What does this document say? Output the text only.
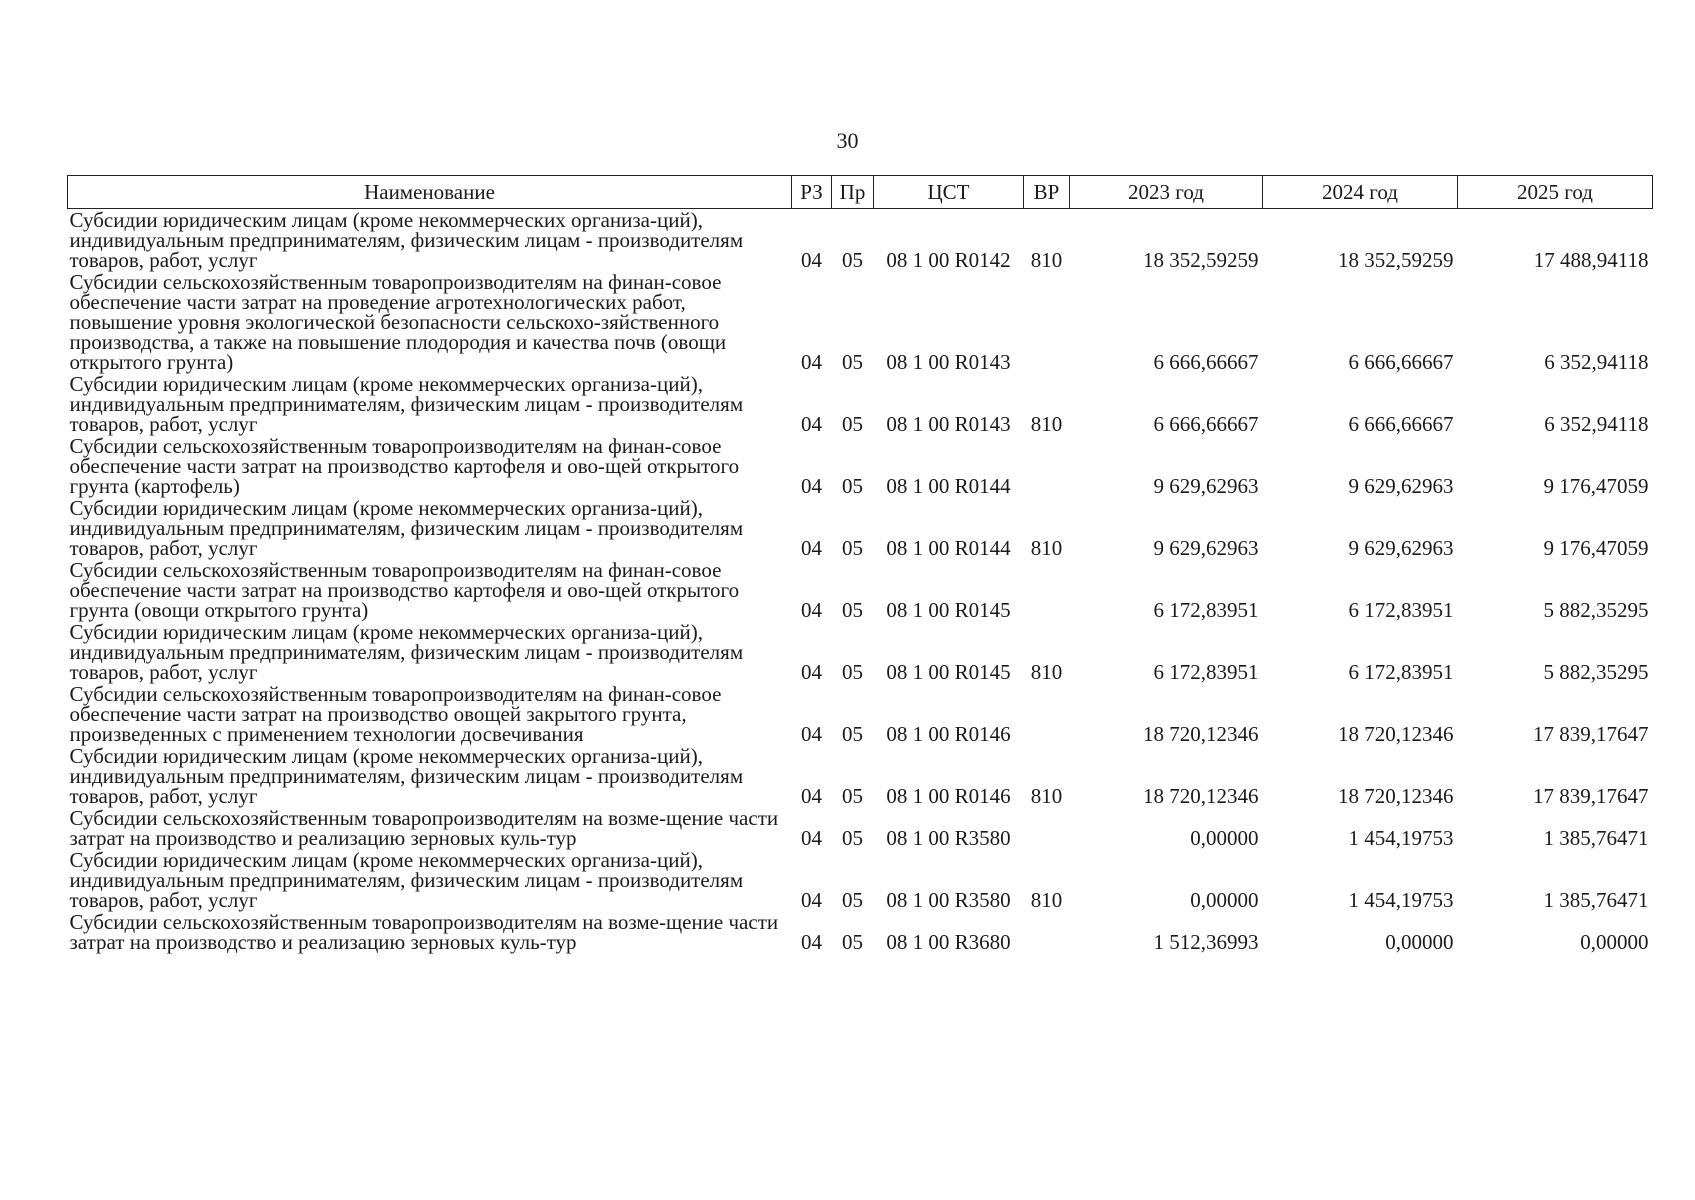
30
Наименование	РЗ	Пр	ЦСТ	ВР	2023 год	2024 год	2025 год
Субсидии юридическим лицам (кроме некоммерческих организа-ций), индивидуальным предпринимателям, физическим лицам - производителям товаров, работ, услуг	04	05	08 1 00 R0142	810	18 352,59259	18 352,59259	17 488,94118
Субсидии сельскохозяйственным товаропроизводителям на финан-совое обеспечение части затрат на проведение агротехнологических работ, повышение уровня экологической безопасности сельскохо-зяйственного производства, а также на повышение плодородия и качества почв (овощи открытого грунта)	04	05	08 1 00 R0143		6 666,66667	6 666,66667	6 352,94118
Субсидии юридическим лицам (кроме некоммерческих организа-ций), индивидуальным предпринимателям, физическим лицам - производителям товаров, работ, услуг	04	05	08 1 00 R0143	810	6 666,66667	6 666,66667	6 352,94118
Субсидии сельскохозяйственным товаропроизводителям на финан-совое обеспечение части затрат на производство картофеля и ово-щей открытого грунта (картофель)	04	05	08 1 00 R0144		9 629,62963	9 629,62963	9 176,47059
Субсидии юридическим лицам (кроме некоммерческих организа-ций), индивидуальным предпринимателям, физическим лицам - производителям товаров, работ, услуг	04	05	08 1 00 R0144	810	9 629,62963	9 629,62963	9 176,47059
Субсидии сельскохозяйственным товаропроизводителям на финан-совое обеспечение части затрат на производство картофеля и ово-щей открытого грунта (овощи открытого грунта)	04	05	08 1 00 R0145		6 172,83951	6 172,83951	5 882,35295
Субсидии юридическим лицам (кроме некоммерческих организа-ций), индивидуальным предпринимателям, физическим лицам - производителям товаров, работ, услуг	04	05	08 1 00 R0145	810	6 172,83951	6 172,83951	5 882,35295
Субсидии сельскохозяйственным товаропроизводителям на финан-совое обеспечение части затрат на производство овощей закрытого грунта, произведенных с применением технологии досвечивания	04	05	08 1 00 R0146		18 720,12346	18 720,12346	17 839,17647
Субсидии юридическим лицам (кроме некоммерческих организа-ций), индивидуальным предпринимателям, физическим лицам - производителям товаров, работ, услуг	04	05	08 1 00 R0146	810	18 720,12346	18 720,12346	17 839,17647
Субсидии сельскохозяйственным товаропроизводителям на возме-щение части затрат на производство и реализацию зерновых куль-тур	04	05	08 1 00 R3580		0,00000	1 454,19753	1 385,76471
Субсидии юридическим лицам (кроме некоммерческих организа-ций), индивидуальным предпринимателям, физическим лицам - производителям товаров, работ, услуг	04	05	08 1 00 R3580	810	0,00000	1 454,19753	1 385,76471
Субсидии сельскохозяйственным товаропроизводителям на возме-щение части затрат на производство и реализацию зерновых куль-тур	04	05	08 1 00 R3680		1 512,36993	0,00000	0,00000
